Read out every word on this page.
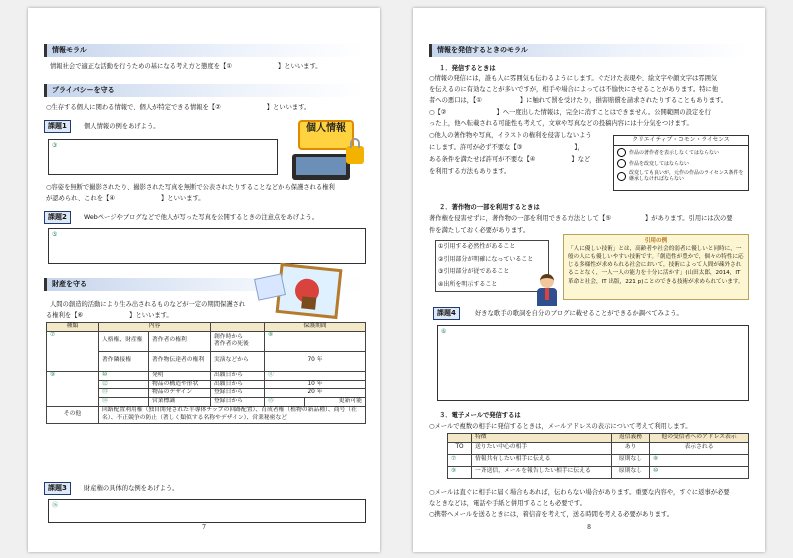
情報モラル
情報社会で適正な活動を行うための基になる考え方と態度を【①	】といいます。
プライバシーを守る
○生存する個人に関わる情報で、個人が特定できる情報を【②	】といいます。
課題1	個人情報の例をあげよう。
③
個人情報
○容姿を無断で撮影されたり、撮影された写真を無断で公表されたりすることなどから保護される権利
が認められ、これを【④	】といいます。
課題2	Webページやブログなどで他人が写った写真を公開するときの注意点をあげよう。
⑤
財産を守る
人間の創造的活動により生み出されるものなどが一定の期間保護され
る権利を【⑥	】といいます。
種類	内容			保護期間	
⑦	人格権、財産権	著作者の権利	創作時から
著作者の死後	⑧	
	著作隣接権	著作物伝達者の権利	実演などから	70 年	
⑨	⑩	発明	出願日から	⑪	
	⑫	物品の構造や形状	出願日から	10 年	
	⑬	物品のデザイン	登録日から	20 年	
	⑭	営業標識	登録日から	⑮	更新可能
その他	回路配置利用権（独自開発された半導体チップの回路配置）、育成者権（植物の新品種）、商号（社名）、不正競争の防止（著しく類似する名称やデザイン）、営業秘密など				
課題3	財産権の具体的な例をあげよう。
⑯
7
情報を発信するときのモラル
１．発信するときは
○情報の発信には，誰も人に雰囲気も伝わるようにします。ぐだけた表現や、絵文字や顔文字は雰囲気
を伝えるのに有効なことが多いですが，相手や場合によっては不愉快にさせることがあります。特に他
者への悪口は，【①	】に触れて罰を受けたり，損害賠償を請求されたりすることもあります。
○【②	】へ一度出した情報は，完全に消すことはできません。公開範囲の設定を行
った上，他へ転載される可能性も考えて，文章や写真などの投稿内容には十分気をつけます。
○他人の著作物や写真，イラストの権利を侵害しないよう
にします。許可が必ず不要な【③	】，
ある条件を満たせば許可が不要な【④	】など
を利用する方法もあります。
クリエイティブ・コモン・ライセンス
作品の著作者を表示しなくてはならない
作品を改変してはならない
改変しても良いが，元作の作品のライセンス条件を継承しなければならない
２．著作物の一部を利用するときは
著作権を侵害せずに，著作物の一部を利用できる方法として【⑤	】があります。引用には次の要
件を満たしておく必要があります。
①引用する必然性があること
②引用部分が明確になっていること
③引用部分が従であること
④出所を明示すること
引用の例
「人に優しい技術」とは，高齢者や社会的弱者に優しいと同時に，一般の人にも優しいやすい技術です。「創造性が豊かで，個々の特性に応じる多様性が求められる社会において，技術によって人間が疎外されることなく，一人一人の能力を十分に活かす」(山田太郎，2014，IT 革命と社会，IT 出版，221 p)ことのできる技術が求められています。
課題4	好きな歌手の歌詞を自分のブログに載せることができるか調べてみよう。
⑥
３．電子メールで発信するは
○メールで複数の相手に発信するときは，メールアドレスの表示について考えて利用します。
	特徴	返信義務	他の受信者へのアドレス表示
TO	送りたい中心の相手	あり	表示される
⑦	情報共有したい相手に伝える	原則なし	⑧
⑨	一斉送信，メールを報告したい相手に伝える	原則なし	⑩
○メールは直ぐに相手に届く場合もあれば，伝わらない場合があります。重要な内容や，すぐに返事が必要
なときなどは，電話や手紙と併用することも必要です。
○携帯へメールを送るときには，着信音を考えて，送る時間を考える必要があります。
8
